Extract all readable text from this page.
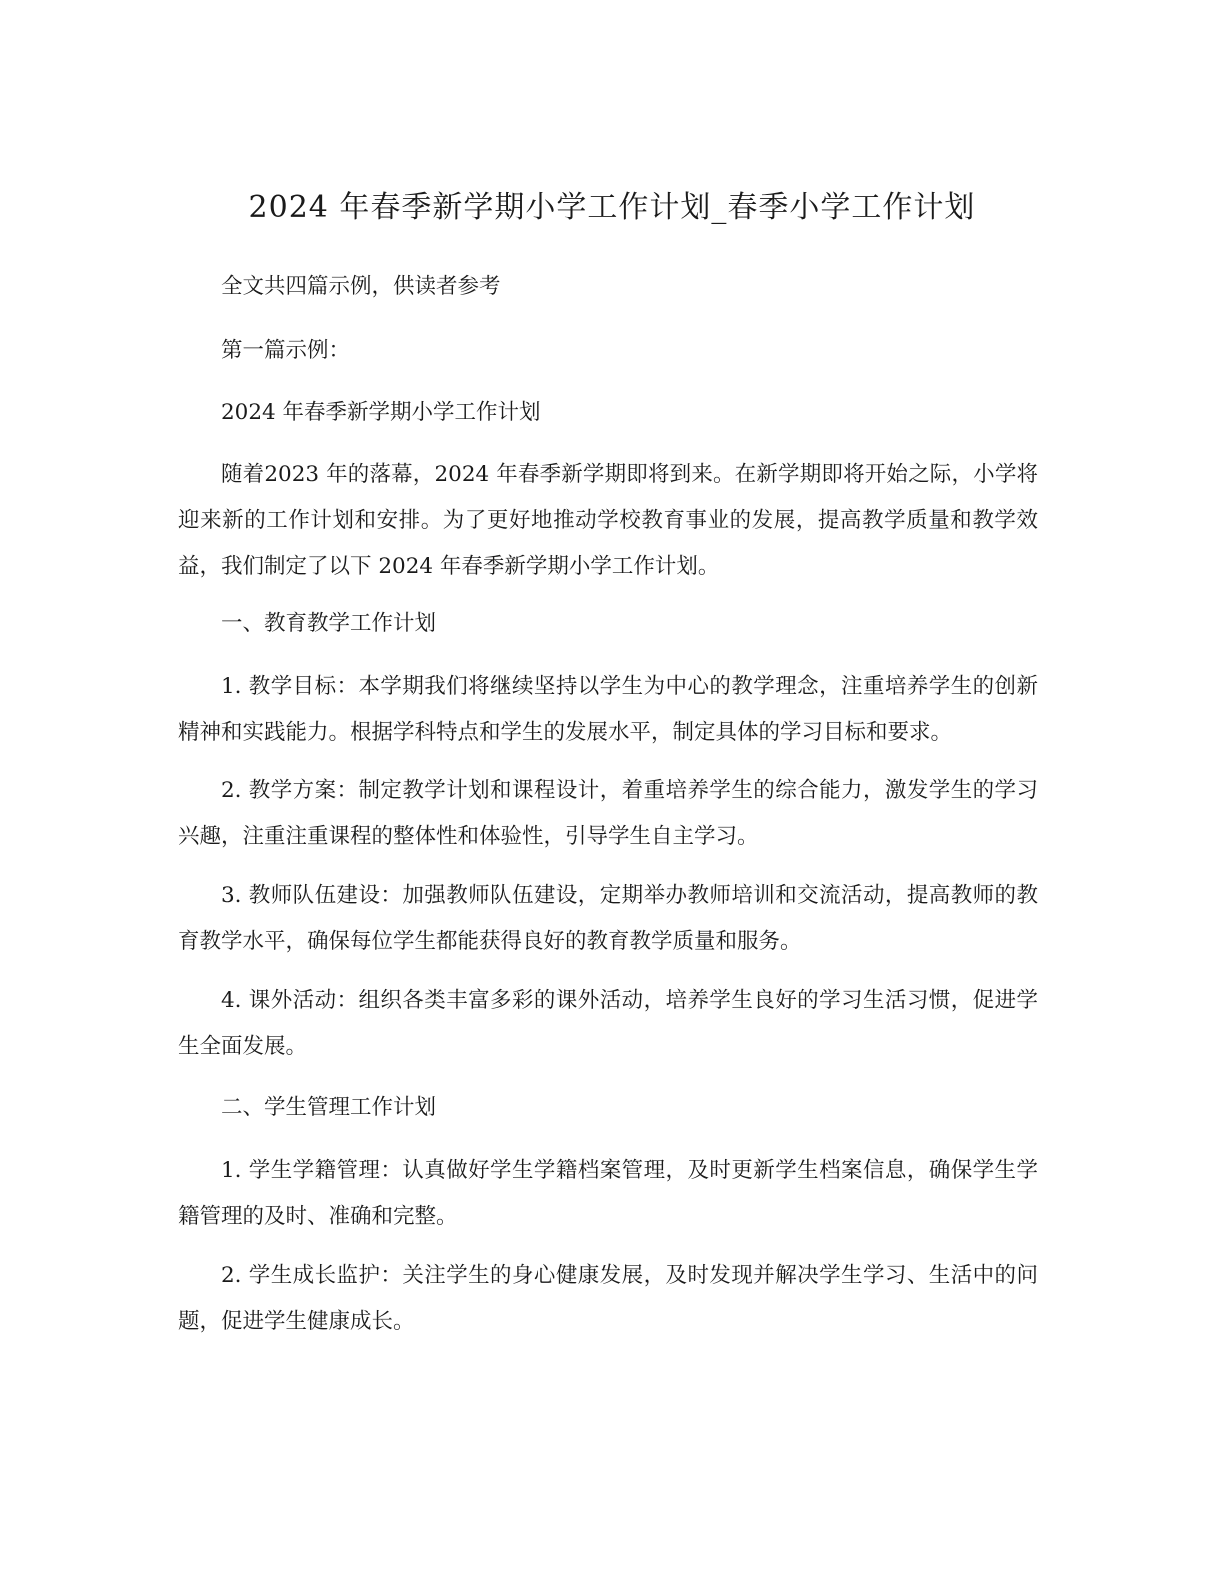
2024 年春季新学期小学工作计划_春季小学工作计划

全文共四篇示例，供读者参考

第一篇示例：

2024 年春季新学期小学工作计划

随着2023 年的落幕，2024 年春季新学期即将到来。在新学期即将开始之际，小学将迎来新的工作计划和安排。为了更好地推动学校教育事业的发展，提高教学质量和教学效益，我们制定了以下 2024 年春季新学期小学工作计划。

一、教育教学工作计划

1. 教学目标：本学期我们将继续坚持以学生为中心的教学理念，注重培养学生的创新精神和实践能力。根据学科特点和学生的发展水平，制定具体的学习目标和要求。

2. 教学方案：制定教学计划和课程设计，着重培养学生的综合能力，激发学生的学习兴趣，注重注重课程的整体性和体验性，引导学生自主学习。

3. 教师队伍建设：加强教师队伍建设，定期举办教师培训和交流活动，提高教师的教育教学水平，确保每位学生都能获得良好的教育教学质量和服务。

4. 课外活动：组织各类丰富多彩的课外活动，培养学生良好的学习生活习惯，促进学生全面发展。

二、学生管理工作计划

1. 学生学籍管理：认真做好学生学籍档案管理，及时更新学生档案信息，确保学生学籍管理的及时、准确和完整。

2. 学生成长监护：关注学生的身心健康发展，及时发现并解决学生学习、生活中的问题，促进学生健康成长。
